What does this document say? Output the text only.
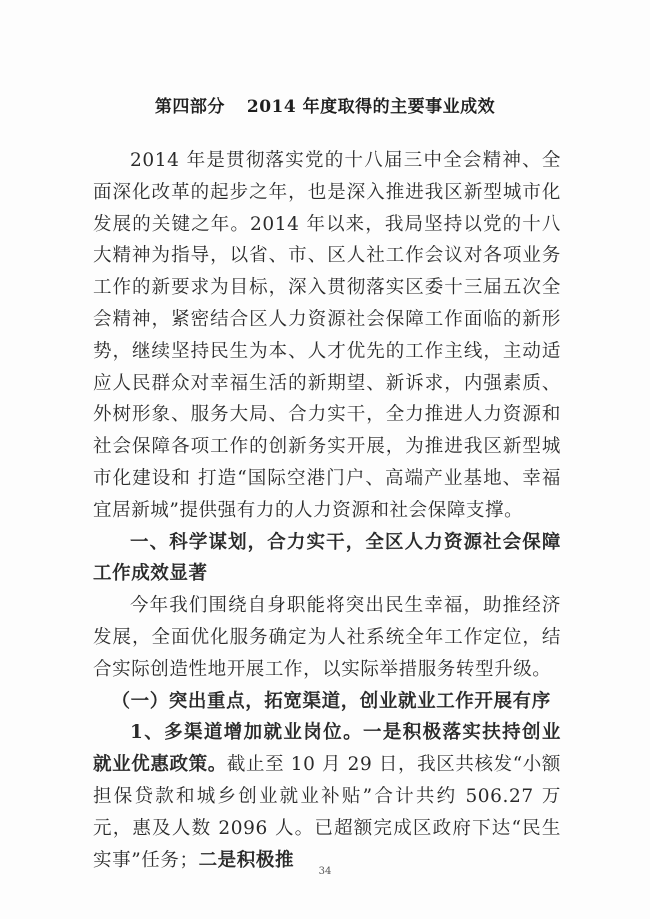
第四部分 2014 年度取得的主要事业成效

2014 年是贯彻落实党的十八届三中全会精神、全面深化改革的起步之年，也是深入推进我区新型城市化发展的关键之年。2014 年以来，我局坚持以党的十八大精神为指导，以省、市、区人社工作会议对各项业务工作的新要求为目标，深入贯彻落实区委十三届五次全会精神，紧密结合区人力资源社会保障工作面临的新形势，继续坚持民生为本、人才优先的工作主线，主动适应人民群众对幸福生活的新期望、新诉求，内强素质、外树形象、服务大局、合力实干，全力推进人力资源和社会保障各项工作的创新务实开展，为推进我区新型城市化建设和 打造“国际空港门户、高端产业基地、幸福宜居新城”提供强有力的人力资源和社会保障支撑。

一、科学谋划，合力实干，全区人力资源社会保障工作成效显著

今年我们围绕自身职能将突出民生幸福，助推经济发展，全面优化服务确定为人社系统全年工作定位，结合实际创造性地开展工作，以实际举措服务转型升级。

（一）突出重点，拓宽渠道，创业就业工作开展有序

1、多渠道增加就业岗位。一是积极落实扶持创业就业优惠政策。截止至 10 月 29 日，我区共核发“小额担保贷款和城乡创业就业补贴”合计共约 506.27 万元，惠及人数 2096 人。已超额完成区政府下达“民生实事”任务；二是积极推

34
